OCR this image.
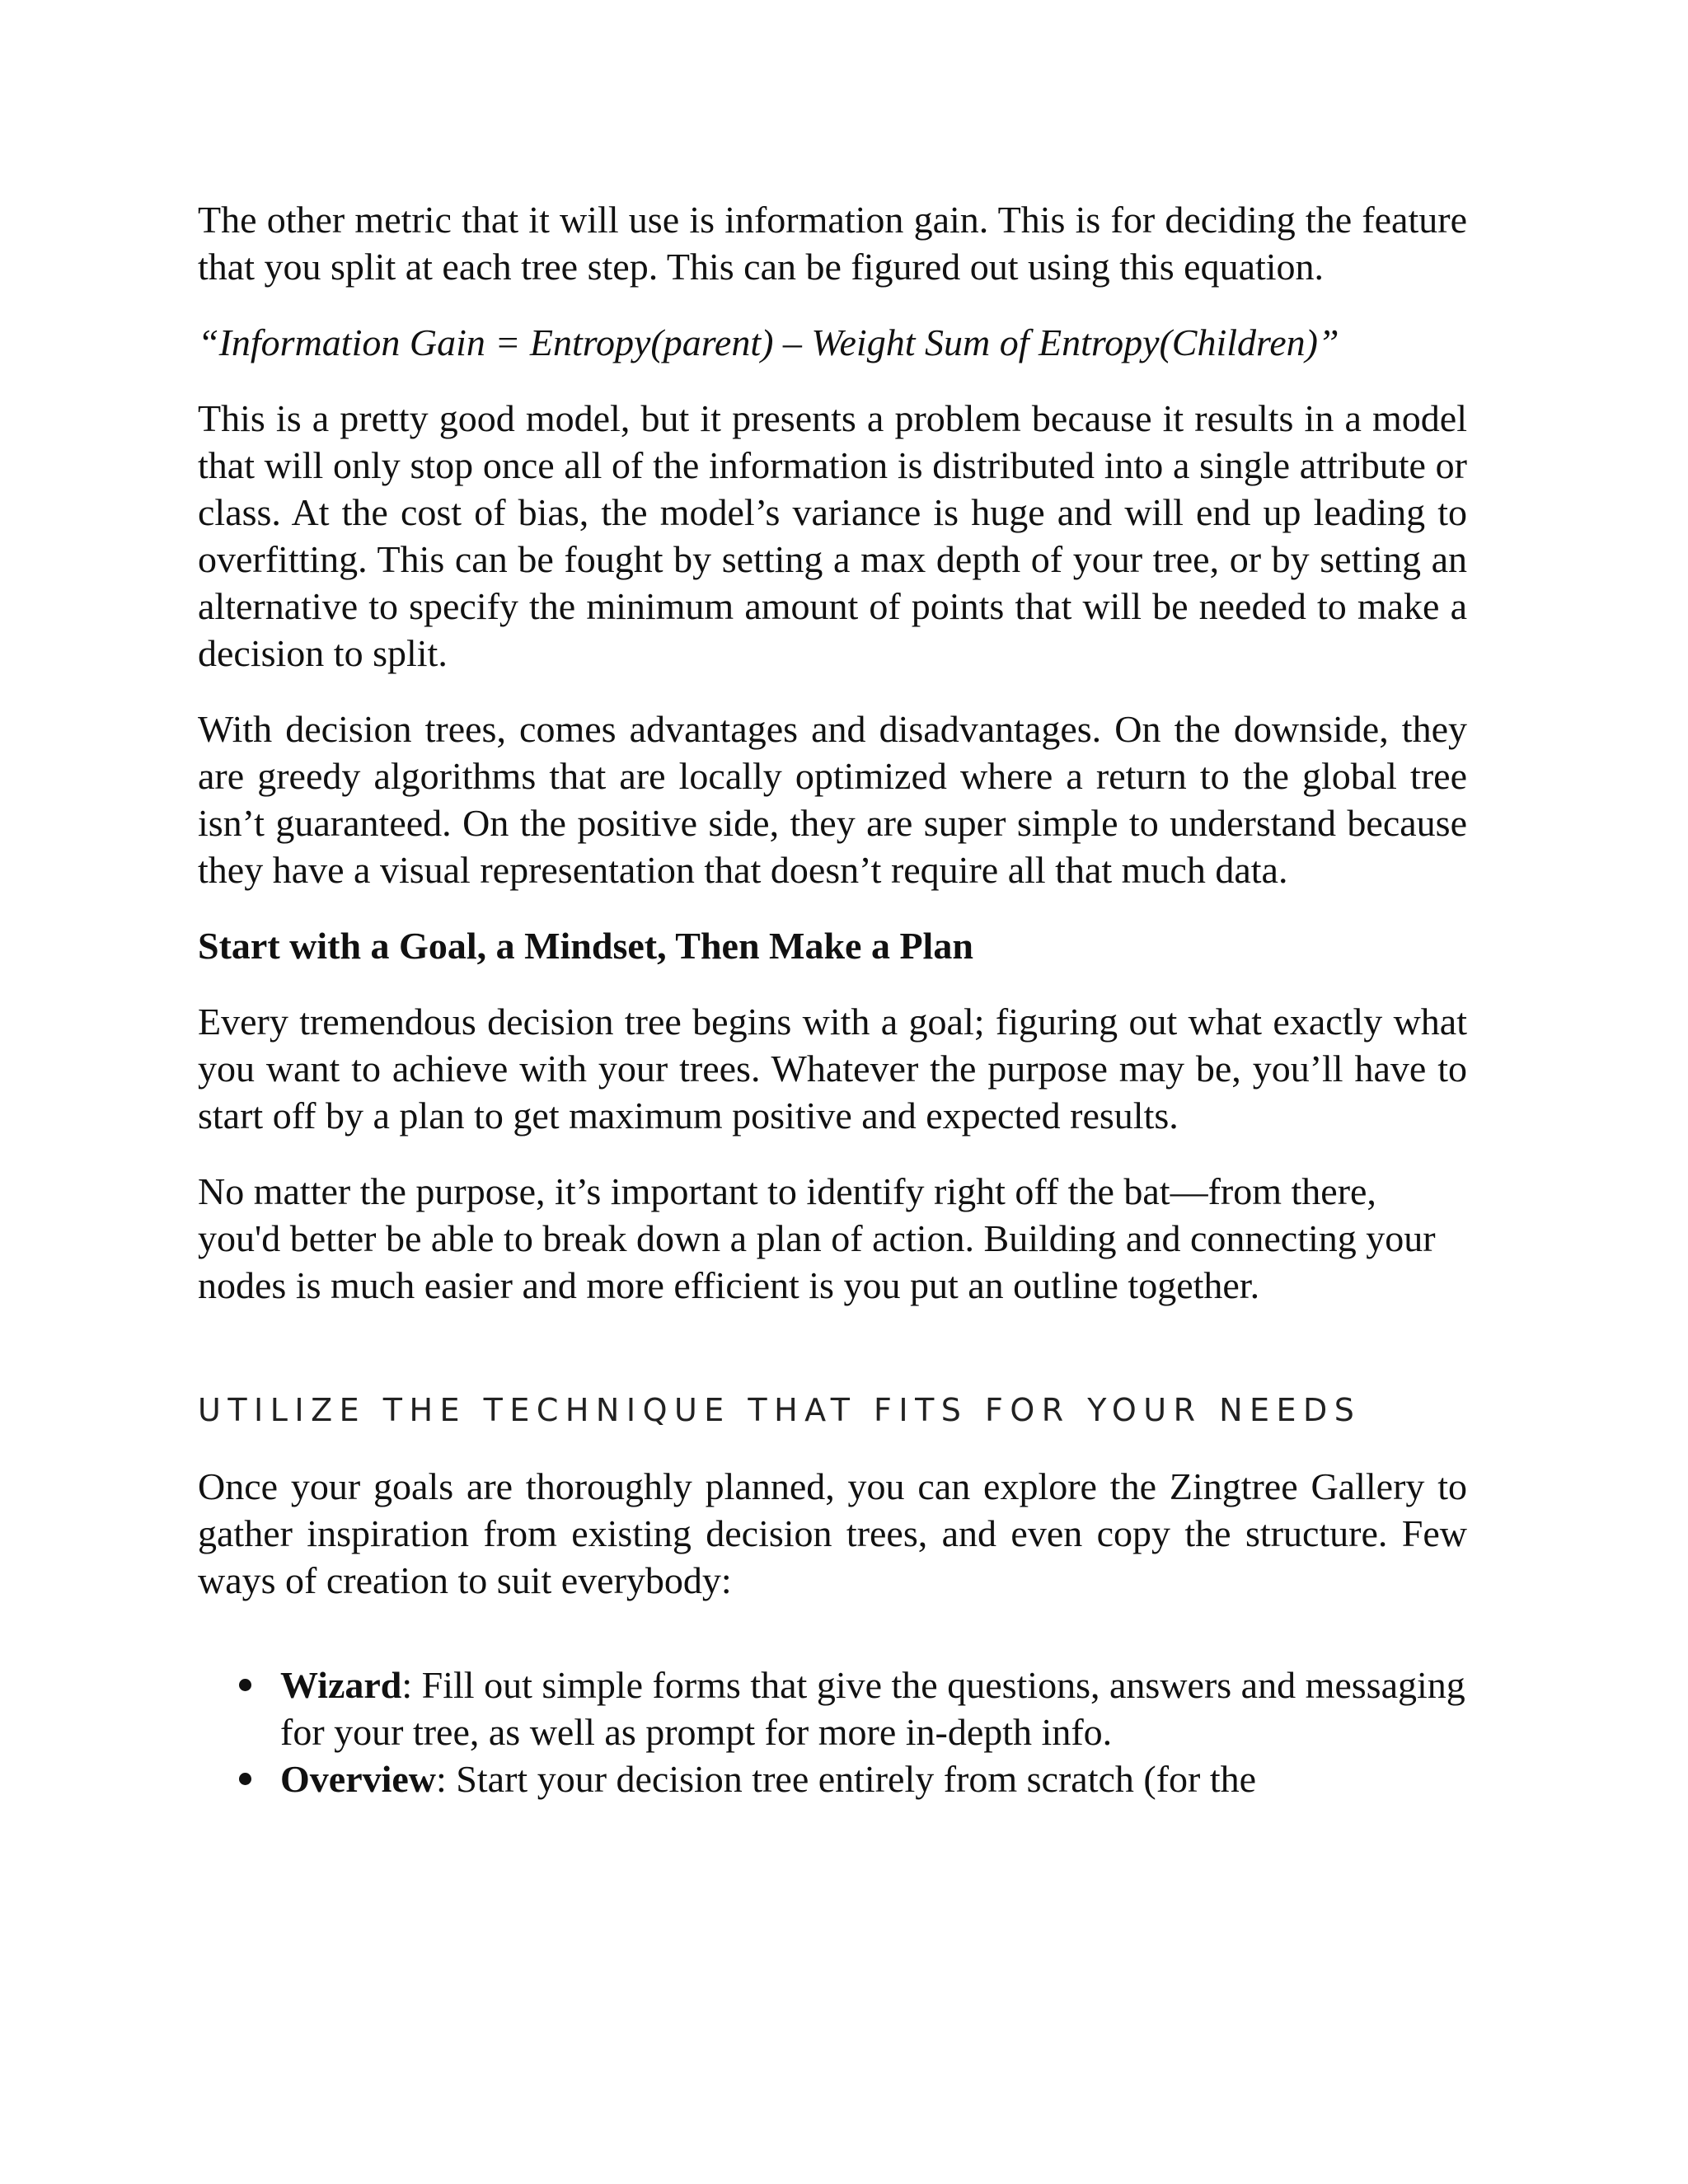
The other metric that it will use is information gain. This is for deciding the feature that you split at each tree step. This can be figured out using this equation.

“Information Gain = Entropy(parent) – Weight Sum of Entropy(Children)”

This is a pretty good model, but it presents a problem because it results in a model that will only stop once all of the information is distributed into a single attribute or class. At the cost of bias, the model’s variance is huge and will end up leading to overfitting. This can be fought by setting a max depth of your tree, or by setting an alternative to specify the minimum amount of points that will be needed to make a decision to split.

With decision trees, comes advantages and disadvantages. On the downside, they are greedy algorithms that are locally optimized where a return to the global tree isn’t guaranteed. On the positive side, they are super simple to understand because they have a visual representation that doesn’t require all that much data.

Start with a Goal, a Mindset, Then Make a Plan

Every tremendous decision tree begins with a goal; figuring out what exactly what you want to achieve with your trees. Whatever the purpose may be, you’ll have to start off by a plan to get maximum positive and expected results.

No matter the purpose, it’s important to identify right off the bat—from there, you'd better be able to break down a plan of action. Building and connecting your nodes is much easier and more efficient is you put an outline together.

UTILIZE THE TECHNIQUE THAT FITS FOR YOUR NEEDS

Once your goals are thoroughly planned, you can explore the Zingtree Gallery to gather inspiration from existing decision trees, and even copy the structure. Few ways of creation to suit everybody:

Wizard: Fill out simple forms that give the questions, answers and messaging for your tree, as well as prompt for more in-depth info.
Overview: Start your decision tree entirely from scratch (for the
